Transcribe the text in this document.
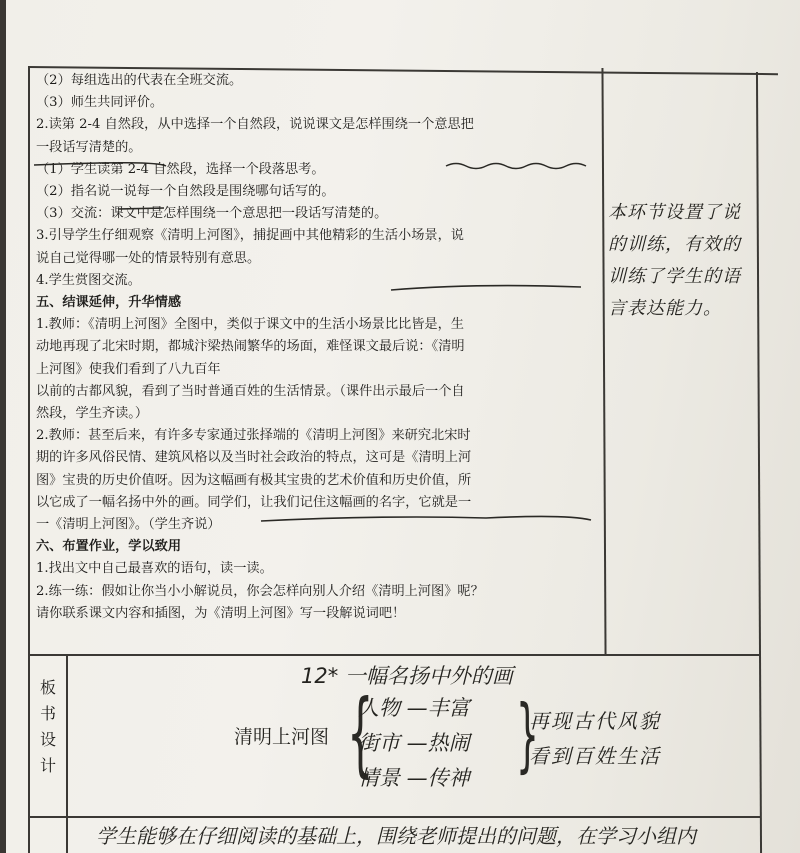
（2）每组选出的代表在全班交流。
（3）师生共同评价。
2.读第 2-4 自然段，从中选择一个自然段，说说课文是怎样围绕一个意思把
一段话写清楚的。
（1）学生读第 2-4 自然段，选择一个段落思考。
（2）指名说一说每一个自然段是围绕哪句话写的。
（3）交流：课文中是怎样围绕一个意思把一段话写清楚的。
3.引导学生仔细观察《清明上河图》，捕捉画中其他精彩的生活小场景，说
说自己觉得哪一处的情景特别有意思。
4.学生赏图交流。
五、结课延伸，升华情感
1.教师：《清明上河图》全图中，类似于课文中的生活小场景比比皆是，生
动地再现了北宋时期，都城汴梁热闹繁华的场面，难怪课文最后说：《清明
上河图》使我们看到了八九百年
以前的古都风貌，看到了当时普通百姓的生活情景。（课件出示最后一个自
然段，学生齐读。）
2.教师：甚至后来，有许多专家通过张择端的《清明上河图》来研究北宋时
期的许多风俗民情、建筑风格以及当时社会政治的特点，这可是《清明上河
图》宝贵的历史价值呀。因为这幅画有极其宝贵的艺术价值和历史价值，所
以它成了一幅名扬中外的画。同学们，让我们记住这幅画的名字，它就是一
一《清明上河图》。（学生齐说）
六、布置作业，学以致用
1.找出文中自己最喜欢的语句，读一读。
2.练一练：假如让你当小小解说员，你会怎样向别人介绍《清明上河图》呢？
请你联系课文内容和插图，为《清明上河图》写一段解说词吧！
本环节设置了说
的训练，有效的
训练了学生的语
言表达能力。
板
书
设
计
12* 一幅名扬中外的画
清明上河图 {
人物 —丰富
街市 —热闹
情景 —传神 }
再现古代风貌
看到百姓生活
学生能够在仔细阅读的基础上，围绕老师提出的问题，在学习小组内
